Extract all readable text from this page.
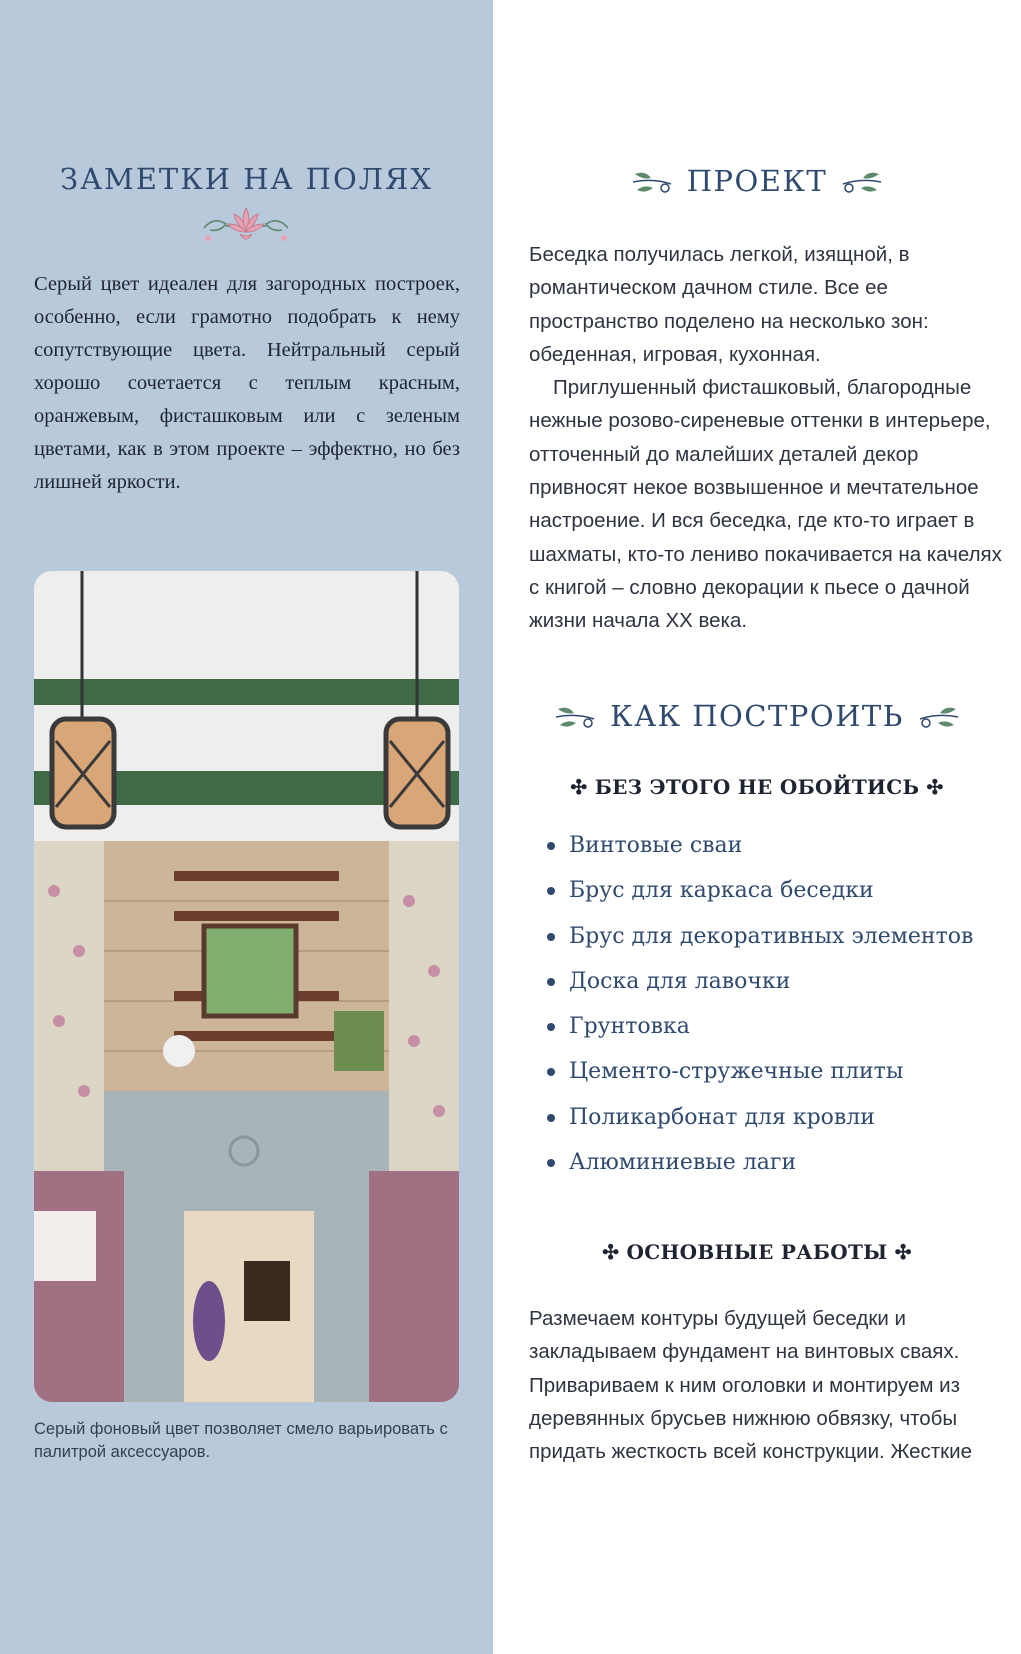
ЗАМЕТКИ НА ПОЛЯХ
Серый цвет идеален для загородных построек, особенно, если грамотно подобрать к нему сопутствующие цвета. Нейтральный серый хорошо сочетается с теплым красным, оранжевым, фисташковым или с зеленым цветами, как в этом проекте – эффектно, но без лишней яркости.
Серый фоновый цвет позволяет смело варьировать с палитрой аксессуаров.
ПРОЕКТ

Беседка получилась легкой, изящной, в романтическом дачном стиле. Все ее пространство поделено на несколько зон: обеденная, игровая, кухонная.

Приглушенный фисташковый, благородные нежные розово-сиреневые оттенки в интерьере, отточенный до малейших деталей декор привносят некое возвышенное и мечтательное настроение. И вся беседка, где кто-то играет в шахматы, кто-то лениво покачивается на качелях с книгой – словно декорации к пьесе о дачной жизни начала XX века.

КАК ПОСТРОИТЬ
✣ БЕЗ ЭТОГО НЕ ОБОЙТИСЬ ✣
Винтовые сваи
Брус для каркаса беседки
Брус для декоративных элементов
Доска для лавочки
Грунтовка
Цементо-стружечные плиты
Поликарбонат для кровли
Алюминиевые лаги
✣ ОСНОВНЫЕ РАБОТЫ ✣

Размечаем контуры будущей беседки и закладываем фундамент на винтовых сваях. Привариваем к ним оголовки и монтируем из деревянных брусьев нижнюю обвязку, чтобы придать жесткость всей конструкции. Жесткие
